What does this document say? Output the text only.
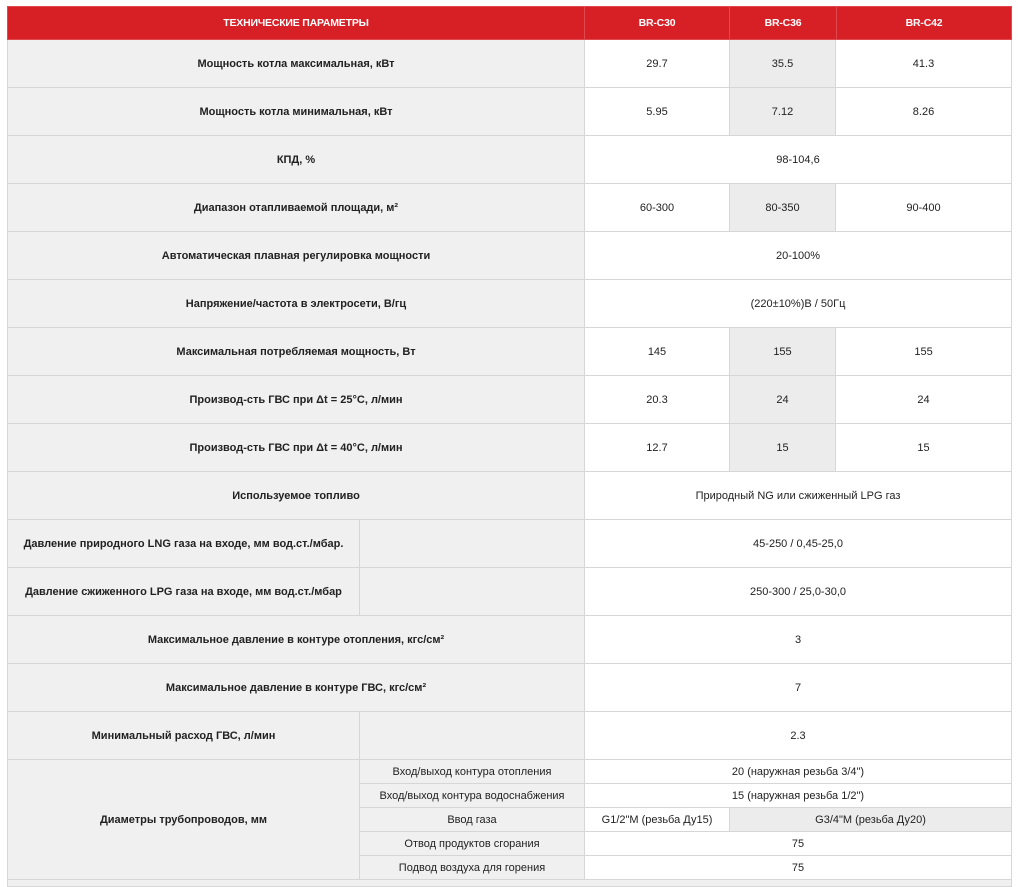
ТЕХНИЧЕСКИЕ ПАРАМЕТРЫ		BR-C30	BR-C36 BR-C42	

Мощность котла максимальная, кВт		29.7	35.5	41.3
Мощность котла минимальная, кВт		5.95	7.12	8.26
КПД, %		98-104,6		
Диапазон отапливаемой площади, м²		60-300	80-350	90-400
Автоматическая плавная регулировка мощности		20-100%		
Напряжение/частота в электросети, В/гц		(220±10%)В / 50Гц		
Максимальная потребляемая мощность, Вт		145	155	155
Производ-сть ГВС при Δt = 25°С, л/мин		20.3	24	24
Производ-сть ГВС при Δt = 40°С, л/мин		12.7	15	15
Используемое топливо		Природный NG или сжиженный LPG газ		
Давление природного LNG газа на входе, мм вод.ст./мбар.		45-250 / 0,45-25,0		
Давление сжиженного LPG газа на входе, мм вод.ст./мбар		250-300 / 25,0-30,0		
Максимальное давление в контуре отопления, кгс/см²		3		
Максимальное давление в контуре ГВС, кгс/см²		7		
Минимальный расход ГВС, л/мин		2.3		
Диаметры трубопроводов, мм	Вход/выход контура отопления	20 (наружная резьба 3/4")		
	Вход/выход контура водоснабжения	15 (наружная резьба 1/2")		
	Ввод газа	G1/2"М (резьба Ду15)	G3/4"М (резьба Ду20)	
	Отвод продуктов сгорания	75		
	Подвод воздуха для горения	75		
